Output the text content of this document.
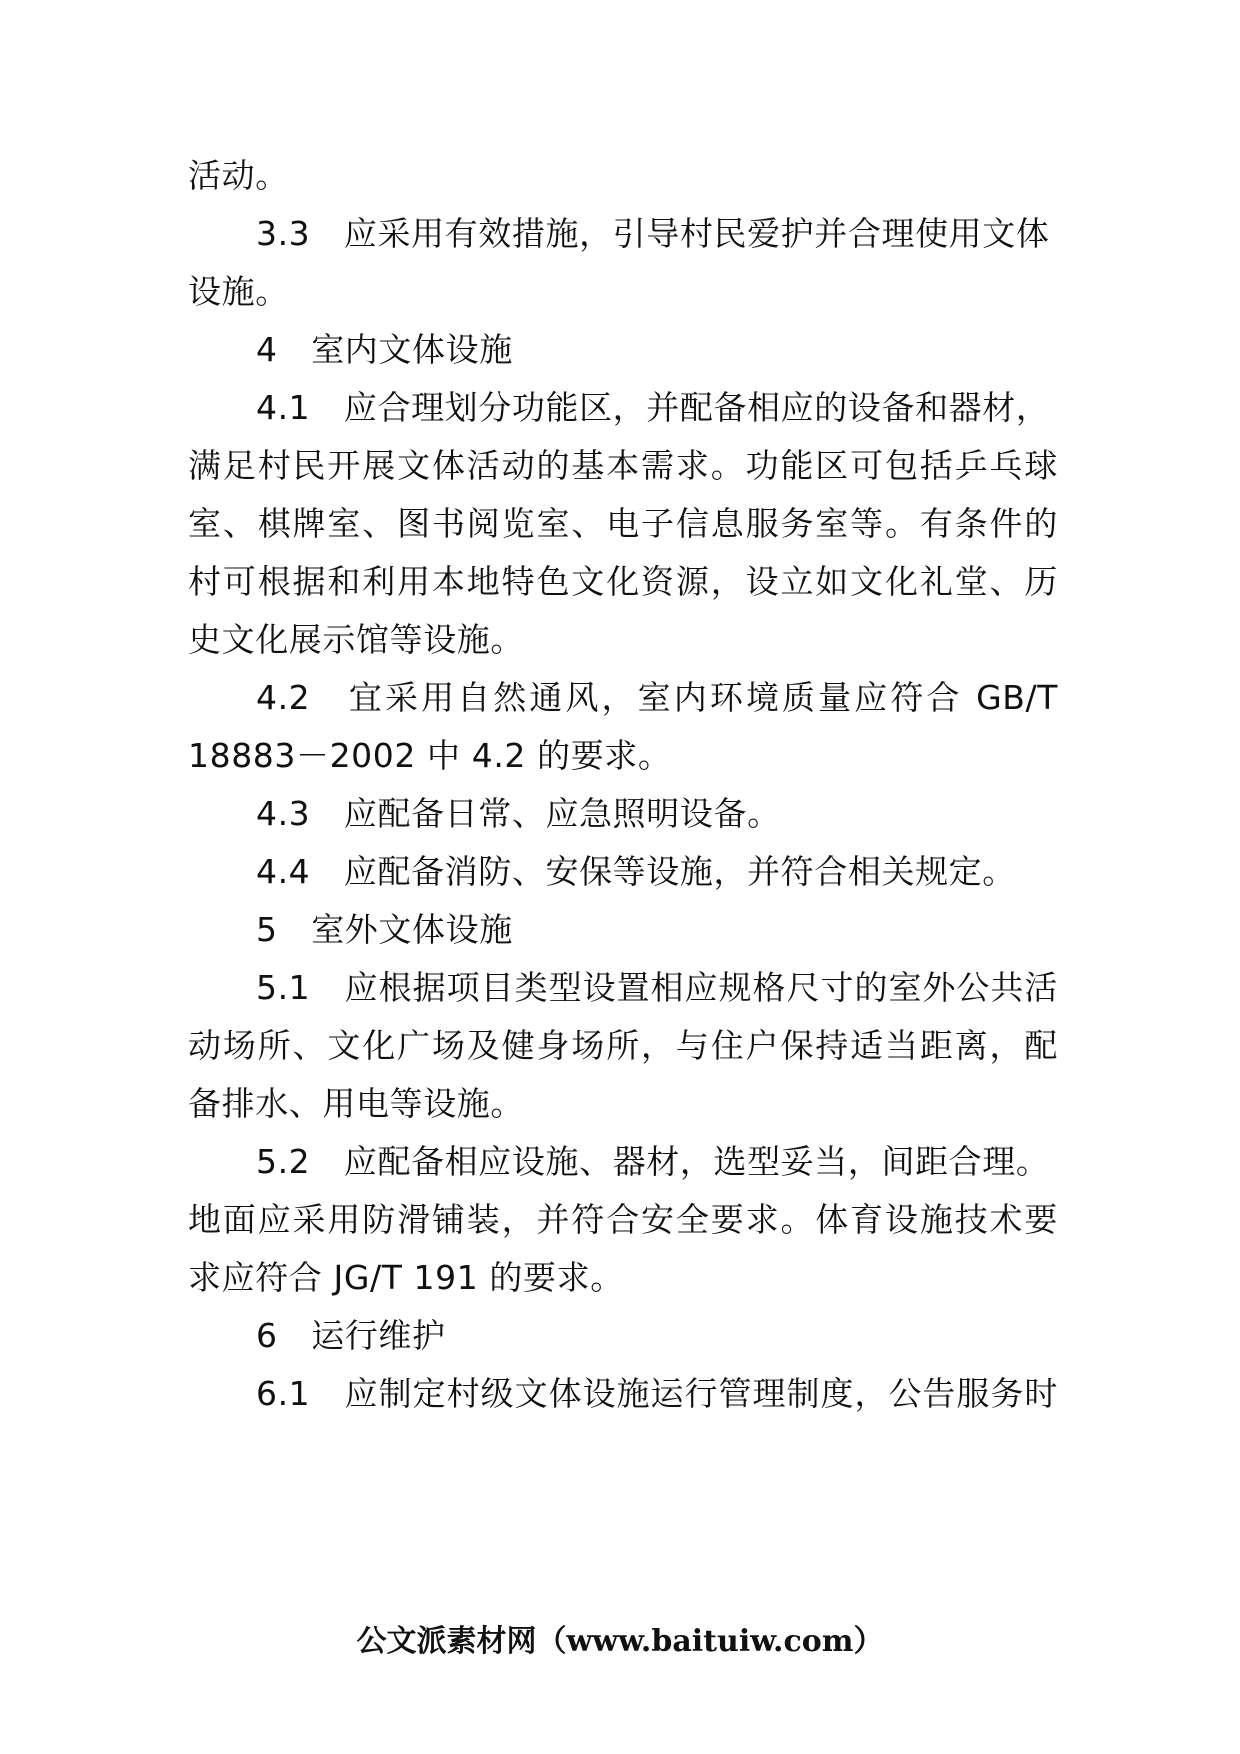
活动。
3.3　应采用有效措施，引导村民爱护并合理使用文体
设施。
4　室内文体设施
4.1　应合理划分功能区，并配备相应的设备和器材，
满足村民开展文体活动的基本需求。功能区可包括乒乓球
室、棋牌室、图书阅览室、电子信息服务室等。有条件的
村可根据和利用本地特色文化资源，设立如文化礼堂、历
史文化展示馆等设施。
4.2　宜采用自然通风，室内环境质量应符合 GB/T
18883－2002 中 4.2 的要求。
4.3　应配备日常、应急照明设备。
4.4　应配备消防、安保等设施，并符合相关规定。
5　室外文体设施
5.1　应根据项目类型设置相应规格尺寸的室外公共活
动场所、文化广场及健身场所，与住户保持适当距离，配
备排水、用电等设施。
5.2　应配备相应设施、器材，选型妥当，间距合理。
地面应采用防滑铺装，并符合安全要求。体育设施技术要
求应符合 JG/T 191 的要求。
6　运行维护
6.1　应制定村级文体设施运行管理制度，公告服务时
公文派素材网（www.baituiw.com）
